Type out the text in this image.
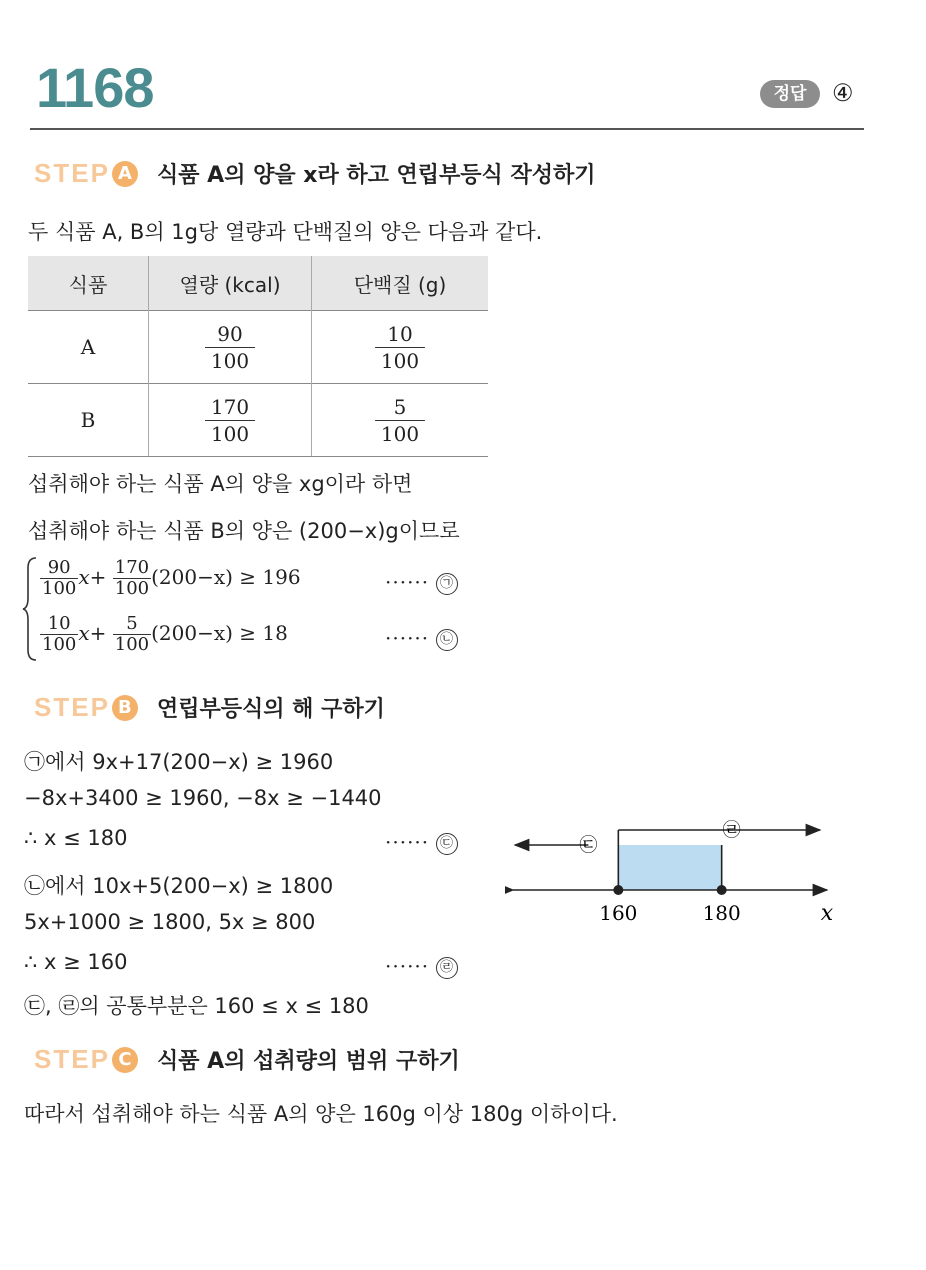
1168	정답	④
STEP A 식품 A의 양을 x라 하고 연립부등식 작성하기
두 식품 A, B의 1g당 열량과 단백질의 양은 다음과 같다.
식품	열량 (kcal)	단백질 (g)
A	$\frac{90}{100}$	$\frac{10}{100}$

B	$\frac{170}{100}$	$\frac{5}{100}$
섭취해야 하는 식품 A의 양을 xg이라 하면
섭취해야 하는 식품 B의 양은 (200−x)g이므로
$\frac{90}{100} x+ \frac{170}{100} (200-x) \ge 196$	······ ㉠
$\frac{10}{100} x+ \frac{5}{100} (200-x) \ge 18$	······ ㉡
STEP B 연립부등식의 해 구하기
㉠에서 9x+17(200−x) ≥ 1960
−8x+3400 ≥ 1960, −8x ≥ −1440
∴ x ≤ 180	······ ㉢
㉡에서 10x+5(200−x) ≥ 1800
5x+1000 ≥ 1800, 5x ≥ 800
∴ x ≥ 160	······ ㉣
㉢, ㉣의 공통부분은 160 ≤ x ≤ 180
㉣
㉢
160	180	x
STEP C 식품 A의 섭취량의 범위 구하기
따라서 섭취해야 하는 식품 A의 양은 160g 이상 180g 이하이다.
